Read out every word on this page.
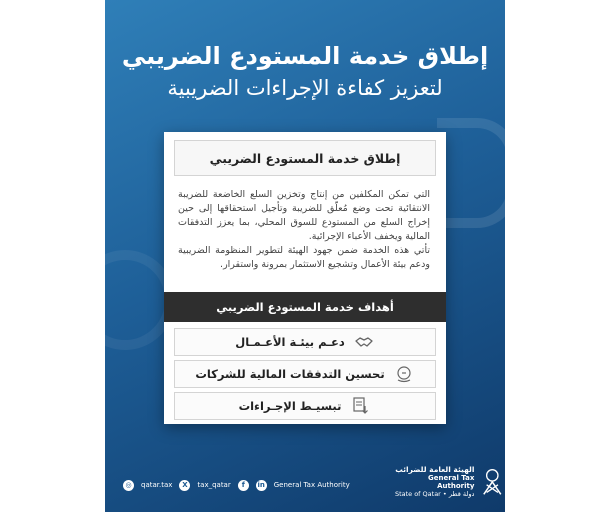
إطلاق خدمة المستودع الضريبي
لتعزيز كفاءة الإجراءات الضريبية
إطلاق خدمة المستودع الضريبي

التي تمكن المكلفين من إنتاج وتخزين السلع الخاضعة للضريبة الانتقائية تحت وضع مُعلّق للضريبة وتأجيل استحقاقها إلى حين إخراج السلع من المستودع للسوق المحلي، بما يعزز التدفقات المالية ويخفف الأعباء الإجرائية.

تأتي هذه الخدمة ضمن جهود الهيئة لتطوير المنظومة الضريبية ودعم بيئة الأعمال وتشجيع الاستثمار بمرونة واستقرار.

أهداف خدمة المستودع الضريبي
دعـم بيئـة الأعـمـال
تحسين التدفقات المالية للشركات
تبسيـط الإجـراءات
◎	qatar.tax	X	tax_qatar	f	in General Tax Authority
الهيئة العامة للضرائب
General Tax Authority
State of Qatar • دولة قطر
